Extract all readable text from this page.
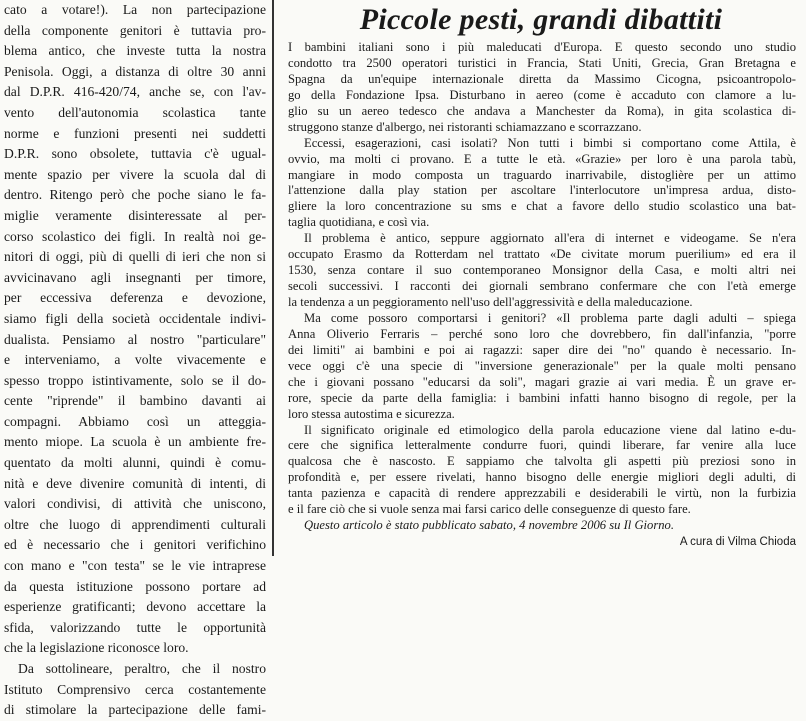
cato a votare!). La non partecipazione
della componente genitori è tuttavia pro-
blema antico, che investe tutta la nostra
Penisola. Oggi, a distanza di oltre 30 anni
dal D.P.R. 416-420/74, anche se, con l'av-
vento dell'autonomia scolastica tante
norme e funzioni presenti nei suddetti
D.P.R. sono obsolete, tuttavia c'è ugual-
mente spazio per vivere la scuola dal di
dentro. Ritengo però che poche siano le fa-
miglie veramente disinteressate al per-
corso scolastico dei figli. In realtà noi ge-
nitori di oggi, più di quelli di ieri che non si
avvicinavano agli insegnanti per timore,
per eccessiva deferenza e devozione,
siamo figli della società occidentale indivi-
dualista. Pensiamo al nostro "particulare"
e interveniamo, a volte vivacemente e
spesso troppo istintivamente, solo se il do-
cente "riprende" il bambino davanti ai
compagni. Abbiamo così un atteggia-
mento miope. La scuola è un ambiente fre-
quentato da molti alunni, quindi è comu-
nità e deve divenire comunità di intenti, di
valori condivisi, di attività che uniscono,
oltre che luogo di apprendimenti culturali
ed è necessario che i genitori verifichino
con mano e "con testa" se le vie intraprese
da questa istituzione possono portare ad
esperienze gratificanti; devono accettare la
sfida, valorizzando tutte le opportunità
che la legislazione riconosce loro.
Da sottolineare, peraltro, che il nostro
Istituto Comprensivo cerca costantemente
di stimolare la partecipazione delle fami-
Piccole pesti, grandi dibattiti
I bambini italiani sono i più maleducati d'Europa. E questo secondo uno studio
condotto tra 2500 operatori turistici in Francia, Stati Uniti, Grecia, Gran Bretagna e
Spagna da un'equipe internazionale diretta da Massimo Cicogna, psicoantropolo-
go della Fondazione Ipsa. Disturbano in aereo (come è accaduto con clamore a lu-
glio su un aereo tedesco che andava a Manchester da Roma), in gita scolastica di-
struggono stanze d'albergo, nei ristoranti schiamazzano e scorrazzano.
Eccessi, esagerazioni, casi isolati? Non tutti i bimbi si comportano come Attila, è
ovvio, ma molti ci provano. E a tutte le età. «Grazie» per loro è una parola tabù,
mangiare in modo composta un traguardo inarrivabile, distoglière per un attimo
l'attenzione dalla play station per ascoltare l'interlocutore un'impresa ardua, disto-
gliere la loro concentrazione su sms e chat a favore dello studio scolastico una bat-
taglia quotidiana, e così via.
Il problema è antico, seppure aggiornato all'era di internet e videogame. Se n'era
occupato Erasmo da Rotterdam nel trattato «De civitate morum puerilium» ed era il
1530, senza contare il suo contemporaneo Monsignor della Casa, e molti altri nei
secoli successivi. I racconti dei giornali sembrano confermare che con l'età emerge
la tendenza a un peggioramento nell'uso dell'aggressività e della maleducazione.
Ma come possoro comportarsi i genitori? «Il problema parte dagli adulti – spiega
Anna Oliverio Ferraris – perché sono loro che dovrebbero, fin dall'infanzia, "porre
dei limiti" ai bambini e poi ai ragazzi: saper dire dei "no" quando è necessario. In-
vece oggi c'è una specie di "inversione generazionale" per la quale molti pensano
che i giovani possano "educarsi da soli", magari grazie ai vari media. È un grave er-
rore, specie da parte della famiglia: i bambini infatti hanno bisogno di regole, per la
loro stessa autostima e sicurezza.
Il significato originale ed etimologico della parola educazione viene dal latino e-du-
cere che significa letteralmente condurre fuori, quindi liberare, far venire alla luce
qualcosa che è nascosto. E sappiamo che talvolta gli aspetti più preziosi sono in
profondità e, per essere rivelati, hanno bisogno delle energie migliori degli adulti, di
tanta pazienza e capacità di rendere apprezzabili e desiderabili le virtù, non la furbizia
e il fare ciò che si vuole senza mai farsi carico delle conseguenze di questo fare.
Questo articolo è stato pubblicato sabato, 4 novembre 2006 su Il Giorno.
A cura di Vilma Chioda
